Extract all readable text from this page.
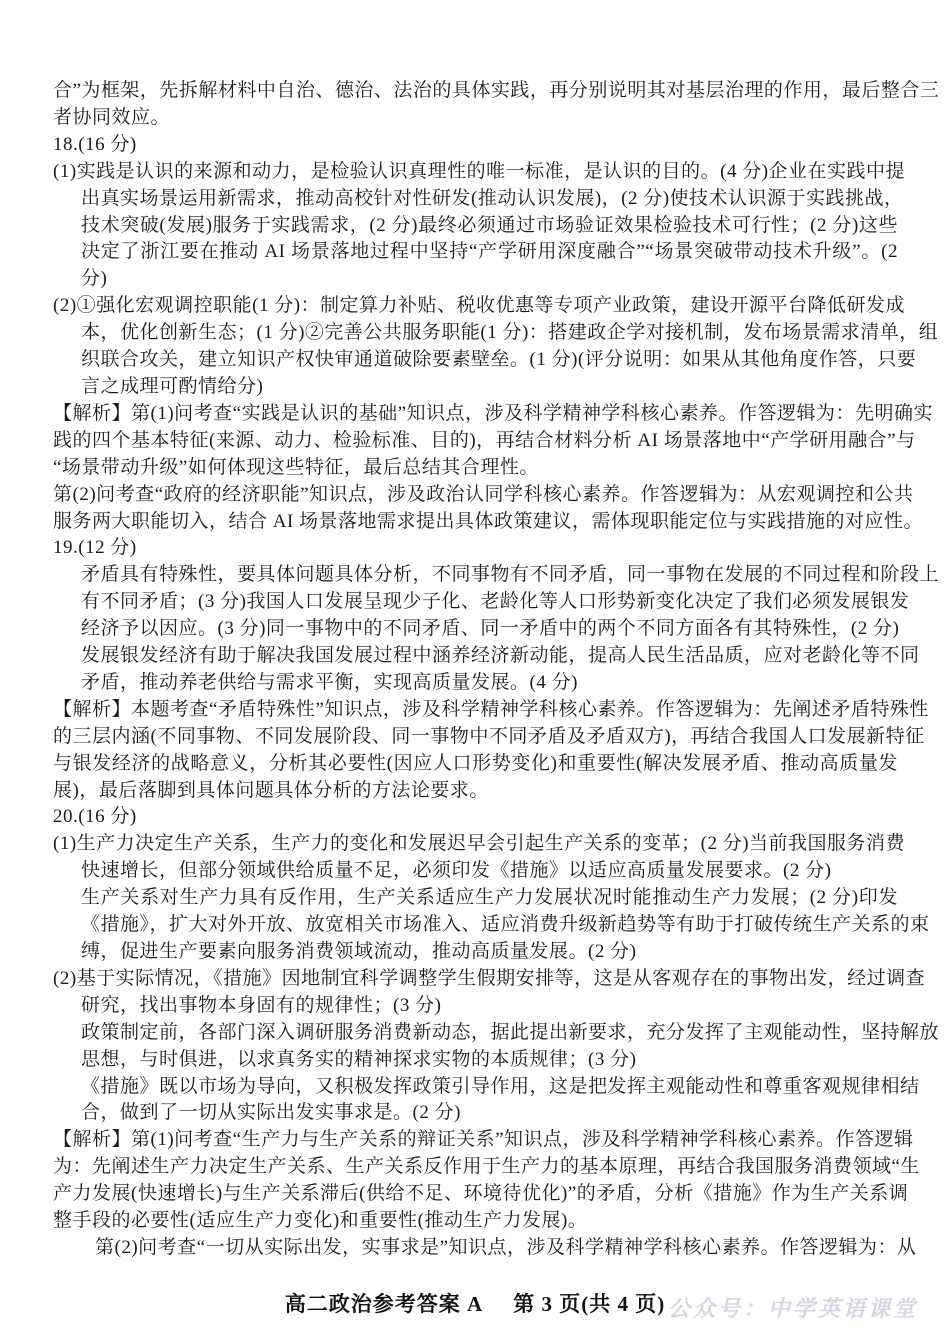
合”为框架，先拆解材料中自治、德治、法治的具体实践，再分别说明其对基层治理的作用，最后整合三
者协同效应。
18.(16 分)
(1)实践是认识的来源和动力，是检验认识真理性的唯一标准，是认识的目的。(4 分)企业在实践中提
出真实场景运用新需求，推动高校针对性研发(推动认识发展)，(2 分)使技术认识源于实践挑战，
技术突破(发展)服务于实践需求，(2 分)最终必须通过市场验证效果检验技术可行性；(2 分)这些
决定了浙江要在推动 AI 场景落地过程中坚持“产学研用深度融合”“场景突破带动技术升级”。(2
分)
(2)①强化宏观调控职能(1 分)：制定算力补贴、税收优惠等专项产业政策，建设开源平台降低研发成
本，优化创新生态；(1 分)②完善公共服务职能(1 分)：搭建政企学对接机制，发布场景需求清单，组
织联合攻关，建立知识产权快审通道破除要素壁垒。(1 分)(评分说明：如果从其他角度作答，只要
言之成理可酌情给分)
【解析】第(1)问考查“实践是认识的基础”知识点，涉及科学精神学科核心素养。作答逻辑为：先明确实
践的四个基本特征(来源、动力、检验标准、目的)，再结合材料分析 AI 场景落地中“产学研用融合”与
“场景带动升级”如何体现这些特征，最后总结其合理性。
第(2)问考查“政府的经济职能”知识点，涉及政治认同学科核心素养。作答逻辑为：从宏观调控和公共
服务两大职能切入，结合 AI 场景落地需求提出具体政策建议，需体现职能定位与实践措施的对应性。
19.(12 分)
矛盾具有特殊性，要具体问题具体分析，不同事物有不同矛盾，同一事物在发展的不同过程和阶段上
有不同矛盾；(3 分)我国人口发展呈现少子化、老龄化等人口形势新变化决定了我们必须发展银发
经济予以因应。(3 分)同一事物中的不同矛盾、同一矛盾中的两个不同方面各有其特殊性，(2 分)
发展银发经济有助于解决我国发展过程中涵养经济新动能，提高人民生活品质，应对老龄化等不同
矛盾，推动养老供给与需求平衡，实现高质量发展。(4 分)
【解析】本题考查“矛盾特殊性”知识点，涉及科学精神学科核心素养。作答逻辑为：先阐述矛盾特殊性
的三层内涵(不同事物、不同发展阶段、同一事物中不同矛盾及矛盾双方)，再结合我国人口发展新特征
与银发经济的战略意义，分析其必要性(因应人口形势变化)和重要性(解决发展矛盾、推动高质量发
展)，最后落脚到具体问题具体分析的方法论要求。
20.(16 分)
(1)生产力决定生产关系，生产力的变化和发展迟早会引起生产关系的变革；(2 分)当前我国服务消费
快速增长，但部分领域供给质量不足，必须印发《措施》以适应高质量发展要求。(2 分)
生产关系对生产力具有反作用，生产关系适应生产力发展状况时能推动生产力发展；(2 分)印发
《措施》，扩大对外开放、放宽相关市场准入、适应消费升级新趋势等有助于打破传统生产关系的束
缚，促进生产要素向服务消费领域流动，推动高质量发展。(2 分)
(2)基于实际情况，《措施》因地制宜科学调整学生假期安排等，这是从客观存在的事物出发，经过调查
研究，找出事物本身固有的规律性；(3 分)
政策制定前，各部门深入调研服务消费新动态，据此提出新要求，充分发挥了主观能动性，坚持解放
思想，与时俱进，以求真务实的精神探求实物的本质规律；(3 分)
《措施》既以市场为导向，又积极发挥政策引导作用，这是把发挥主观能动性和尊重客观规律相结
合，做到了一切从实际出发实事求是。(2 分)
【解析】第(1)问考查“生产力与生产关系的辩证关系”知识点，涉及科学精神学科核心素养。作答逻辑
为：先阐述生产力决定生产关系、生产关系反作用于生产力的基本原理，再结合我国服务消费领域“生
产力发展(快速增长)与生产关系滞后(供给不足、环境待优化)”的矛盾，分析《措施》作为生产关系调
整手段的必要性(适应生产力变化)和重要性(推动生产力发展)。
第(2)问考查“一切从实际出发，实事求是”知识点，涉及科学精神学科核心素养。作答逻辑为：从
高二政治参考答案 A 第 3 页(共 4 页) 公众号：中学英语课堂
